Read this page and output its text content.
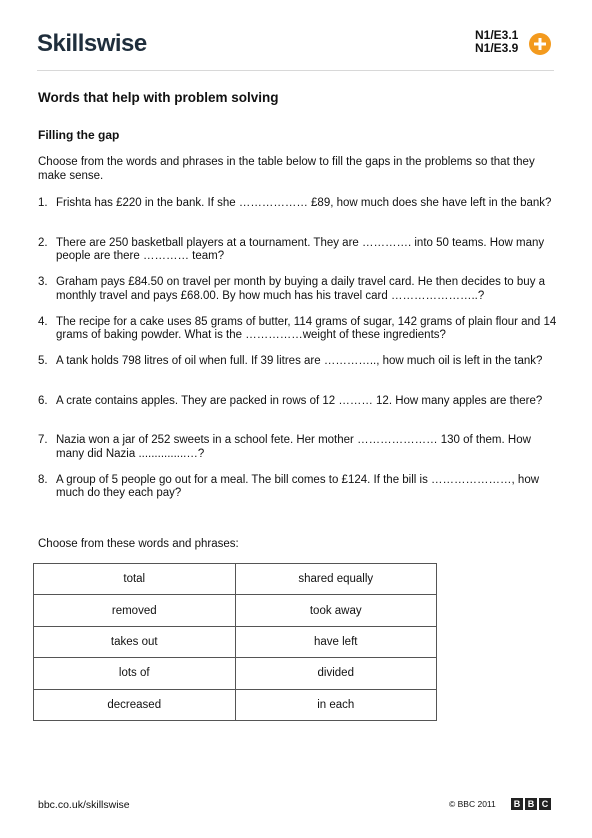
Skillswise	N1/E3.1
N1/E3.9
Words that help with problem solving
Filling the gap
Choose from the words and phrases in the table below to fill the gaps in the problems so that they make sense.
1. Frishta has £220 in the bank. If she ……………… £89, how much does she have left in the bank?
2. There are 250 basketball players at a tournament. They are …………. into 50 teams. How many people are there ………… team?
3. Graham pays £84.50 on travel per month by buying a daily travel card. He then decides to buy a monthly travel and pays £68.00. By how much has his travel card …………………..?
4. The recipe for a cake uses 85 grams of butter, 114 grams of sugar, 142 grams of plain flour and 14 grams of baking powder. What is the ……………weight of these ingredients?
5. A tank holds 798 litres of oil when full. If 39 litres are ………….., how much oil is left in the tank?
6. A crate contains apples. They are packed in rows of 12 ……… 12. How many apples are there?
7. Nazia won a jar of 252 sweets in a school fete. Her mother ………………… 130 of them. How many did Nazia ...............…?
8. A group of 5 people go out for a meal. The bill comes to £124. If the bill is …………………, how much do they each pay?
Choose from these words and phrases:
total	shared equally
removed	took away
takes out	have left
lots of	divided
decreased	in each
bbc.co.uk/skillswise	© BBC 2011	B B C
